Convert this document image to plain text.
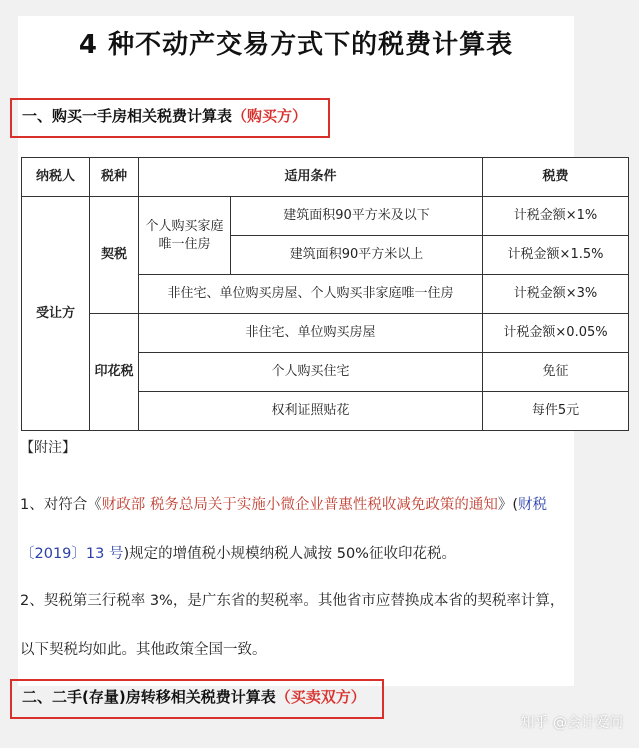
4 种不动产交易方式下的税费计算表
一、购买一手房相关税费计算表（购买方）
纳税人	税种	适用条件		税费
受让方	契税	个人购买家庭唯一住房	建筑面积90平方米及以下	计税金额×1%
			建筑面积90平方米以上	计税金额×1.5%
		非住宅、单位购买房屋、个人购买非家庭唯一住房		计税金额×3%
	印花税	非住宅、单位购买房屋		计税金额×0.05%
		个人购买住宅		免征
		权利证照贴花		每件5元
【附注】
1、对符合《财政部 税务总局关于实施小微企业普惠性税收减免政策的通知》(财税〔2019〕13 号)规定的增值税小规模纳税人减按 50%征收印花税。
2、契税第三行税率 3%，是广东省的契税率。其他省市应替换成本省的契税率计算，以下契税均如此。其他政策全国一致。
二、二手(存量)房转移相关税费计算表（买卖双方）
知乎 @会计爱问
